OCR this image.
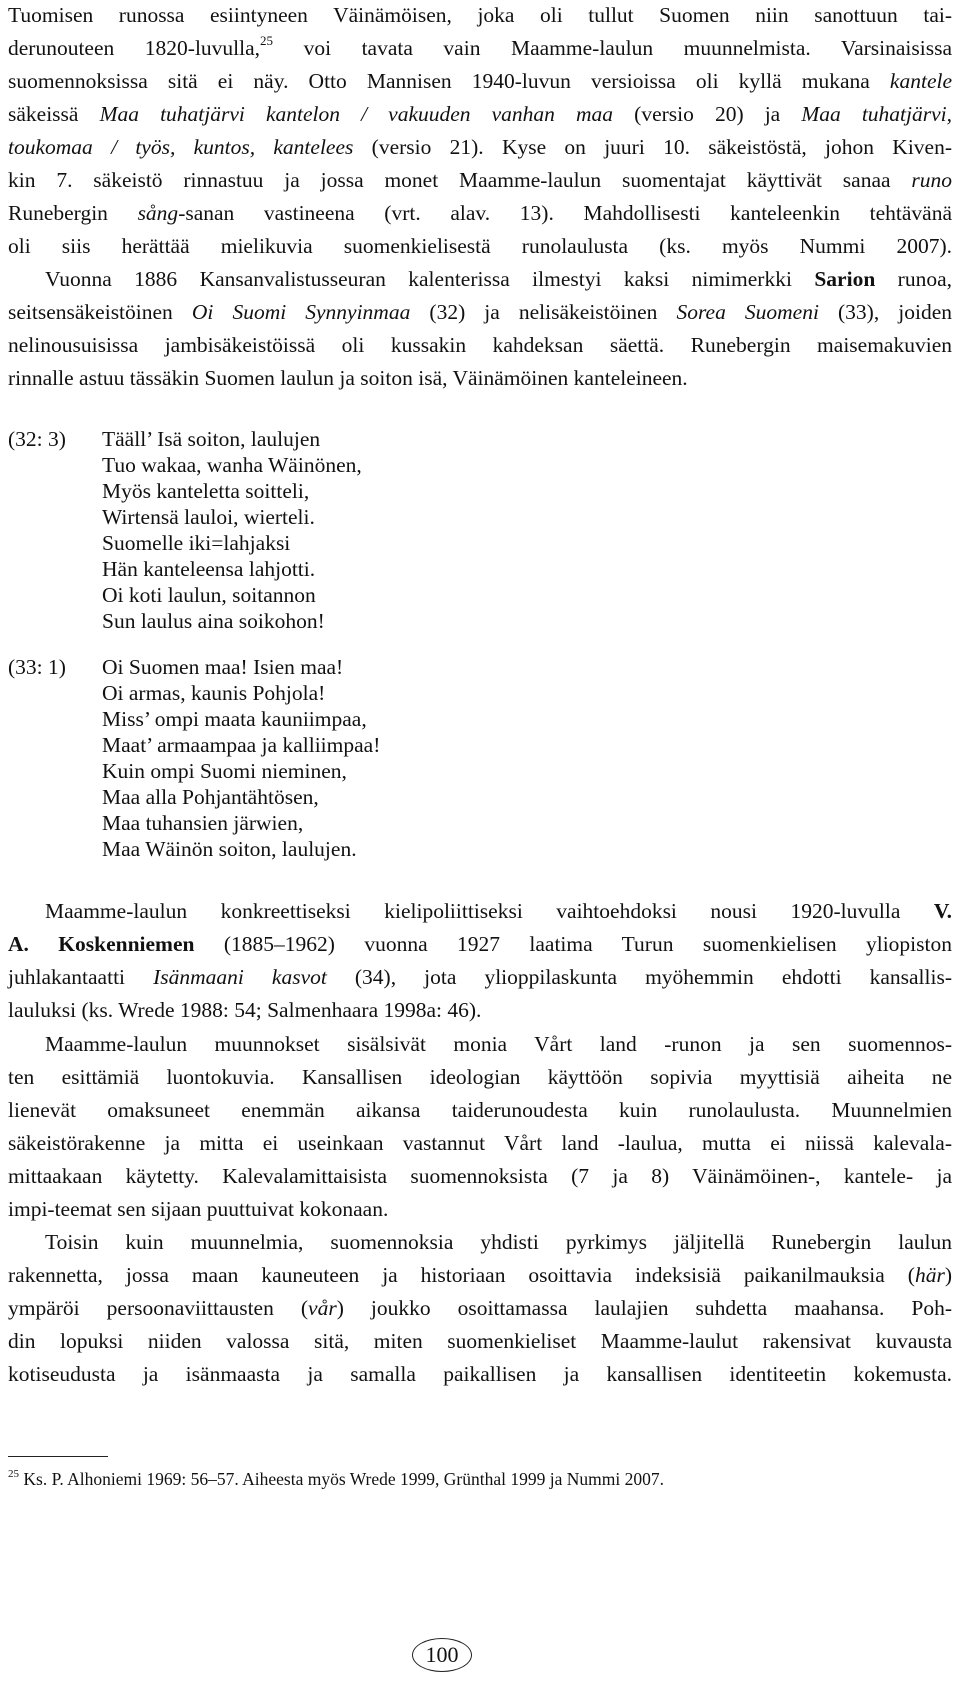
Tuomisen runossa esiintyneen Väinämöisen, joka oli tullut Suomen niin sanottuun tai-
derunouteen 1820-luvulla,$^{25}$ voi tavata vain Maamme-laulun muunnelmista. Varsinaisissa
suomennoksissa sitä ei näy. Otto Mannisen 1940-luvun versioissa oli kyllä mukana kantele
säkeissä Maa tuhatjärvi kantelon / vakuuden vanhan maa (versio 20) ja Maa tuhatjärvi,
toukomaa / työs, kuntos, kantelees (versio 21). Kyse on juuri 10. säkeistöstä, johon Kiven-
kin 7. säkeistö rinnastuu ja jossa monet Maamme-laulun suomentajat käyttivät sanaa runo
Runebergin sång-sanan vastineena (vrt. alav. 13). Mahdollisesti kanteleenkin tehtävänä
oli siis herättää mielikuvia suomenkielisestä runolaulusta (ks. myös Nummi 2007).
Vuonna 1886 Kansanvalistusseuran kalenterissa ilmestyi kaksi nimimerkki Sarion runoa,
seitsensäkeistöinen Oi Suomi Synnyinmaa (32) ja nelisäkeistöinen Sorea Suomeni (33), joiden
nelinousuisissa jambisäkeistöissä oli kussakin kahdeksan säettä. Runebergin maisemakuvien
rinnalle astuu tässäkin Suomen laulun ja soiton isä, Väinämöinen kanteleineen.
(32: 3) Tääll’ Isä soiton, laulujen
Tuo wakaa, wanha Wäinönen,
Myös kanteletta soitteli,
Wirtensä lauloi, wierteli.
Suomelle iki=lahjaksi
Hän kanteleensa lahjotti.
Oi koti laulun, soitannon
Sun laulus aina soikohon!
(33: 1) Oi Suomen maa! Isien maa!
Oi armas, kaunis Pohjola!
Miss’ ompi maata kauniimpaa,
Maat’ armaampaa ja kalliimpaa!
Kuin ompi Suomi nieminen,
Maa alla Pohjantähtösen,
Maa tuhansien järwien,
Maa Wäinön soiton, laulujen.
Maamme-laulun konkreettiseksi kielipoliittiseksi vaihtoehdoksi nousi 1920-luvulla V.
A. Koskenniemen (1885–1962) vuonna 1927 laatima Turun suomenkielisen yliopiston
juhlakantaatti Isänmaani kasvot (34), jota ylioppilaskunta myöhemmin ehdotti kansallis-
lauluksi (ks. Wrede 1988: 54; Salmenhaara 1998a: 46).
Maamme-laulun muunnokset sisälsivät monia Vårt land -runon ja sen suomennos-
ten esittämiä luontokuvia. Kansallisen ideologian käyttöön sopivia myyttisiä aiheita ne
lienevät omaksuneet enemmän aikansa taiderunoudesta kuin runolaulusta. Muunnelmien
säkeistörakenne ja mitta ei useinkaan vastannut Vårt land -laulua, mutta ei niissä kalevala-
mittaakaan käytetty. Kalevalamittaisista suomennoksista (7 ja 8) Väinämöinen-, kantele- ja
impi-teemat sen sijaan puuttuivat kokonaan.
Toisin kuin muunnelmia, suomennoksia yhdisti pyrkimys jäljitellä Runebergin laulun
rakennetta, jossa maan kauneuteen ja historiaan osoittavia indeksisiä paikanilmauksia (här)
ympäröi persoonaviittausten (vår) joukko osoittamassa laulajien suhdetta maahansa. Poh-
din lopuksi niiden valossa sitä, miten suomenkieliset Maamme-laulut rakensivat kuvausta
kotiseudusta ja isänmaasta ja samalla paikallisen ja kansallisen identiteetin kokemusta.
$^{25}$ Ks. P. Alhoniemi 1969: 56–57. Aiheesta myös Wrede 1999, Grünthal 1999 ja Nummi 2007.
100
